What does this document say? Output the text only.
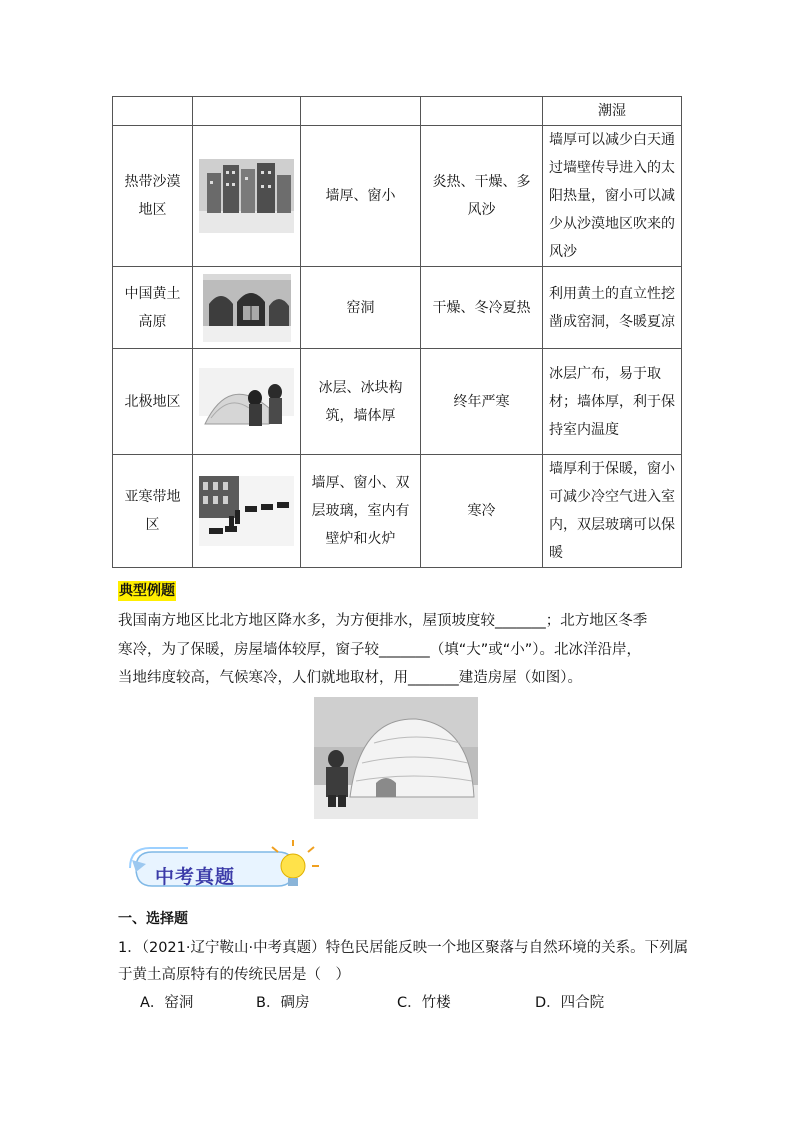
				潮湿
热带沙漠地区		墙厚、窗小	炎热、干燥、多风沙	墙厚可以减少白天通过墙壁传导进入的太阳热量，窗小可以减少从沙漠地区吹来的风沙
中国黄土高原		窑洞	干燥、冬冷夏热	利用黄土的直立性挖凿成窑洞，冬暖夏凉
北极地区		冰层、冰块构筑，墙体厚	终年严寒	冰层广布，易于取材；墙体厚，利于保持室内温度
亚寒带地区		墙厚、窗小、双层玻璃，室内有壁炉和火炉	寒冷	墙厚利于保暖，窗小可减少冷空气进入室内，双层玻璃可以保暖
典型例题
我国南方地区比北方地区降水多，为方便排水，屋顶坡度较_______；北方地区冬季
寒冷，为了保暖，房屋墙体较厚，窗子较_______（填“大”或“小”）。北冰洋沿岸，
当地纬度较高，气候寒冷，人们就地取材，用_______建造房屋（如图）。
中考真题
一、选择题
1．（2021·辽宁鞍山·中考真题）特色民居能反映一个地区聚落与自然环境的关系。下列属
于黄土高原特有的传统民居是（　）
A．窑洞	B．碉房	C．竹楼	D．四合院
